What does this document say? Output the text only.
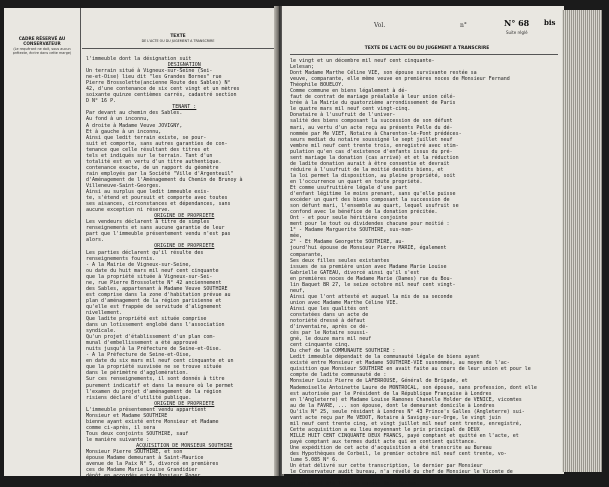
CADRE RÉSERVÉ AU CONSERVATEUR
(Le requérant ne doit, sous aucun prétexte, écrire dans cette marge)
TEXTE
DE L'ACTE OU DU JUGEMENT A TRANSCRIRE
l'immeuble dont la désignation suit
DESIGNATION
Un terrain situé à Vigneux-sur-Seine (Sei-
ne-et-Oise) lieu dit "les Grandes Bornes" rue
Pierre Brossolette(ancienne Route des Sables) N°
42, d'une contenance de six cent vingt et un mètres
soixante quinze centièmes carrés, cadastré section
D N° 16 P.
TENANT :
Par devant au chemin des Sables.
Au fond à un inconnu,
A droite à Madame Veuve JOVIGNY,
Et à gauche à un inconnu,
Ainsi que ledit terrain existe, se pour-
suit et comporte, sans autres garanties de con-
tenance que celle résultant des titres et
tels et indiqués sur le terrain. Tant d'un
totalité est en vertu d'un titre authentique.
contenance exacte, de un rapport du géomètre
rain employés par la Société "Ville d'Argenteuil"
d'Aménagement de l'Aménagement du Chemin de Brunoy à
Villeneuve-Saint-Georges.
Ainsi au surplus que ledit immeuble exis-
te, s'étend et poursuit et comporte avec toutes
ses aisances, circonstances et dépendances, sans
aucune exception ni réserve.
ORIGINE DE PROPRIETE
Les vendeurs déclarent à titre de simples
renseignements et sans aucune garantie de leur
part que l'immeuble présentement vendu n'est pas
alors.
ORIGINE DE PROPRIETE
Les parties déclarent qu'il résulte des
renseignements fournis.
- A la Mairie de Vigneux-sur-Seine,
ou date du huit mars mil neuf cent cinquante
que la propriété située à Vigneux-sur-Sei-
ne, rue Pierre Brossolette N° 42 anciennement
des Sables, appartenant à Madame Veuve SOUTHIRE
est comprise dans la zone d'habitation prévue au
plan d'aménagement de la région parisienne et
qu'elle est frappée de servitude d'alignement
nivellement.
Que ladite propriété est située comprise
dans un lotissement englobé dans l'association
syndicale.
Qu'un projet d'établissement d'un plan com-
munal d'embellissement a été approuvé
nuits jusqu'à la Préfecture de Seine-et-Oise.
- A la Préfecture de Seine-et-Oise,
en date du six mars mil neuf cent cinquante et un
que la propriété susvisée ne se trouve située
dans le périmètre d'agglomération.
Sur ces renseignements, il sont donnés à titre
purement indicatif et dans la mesure où le permet
l'examen du projet d'aménagement de la région
risiens déclaré d'utilité publique.
ORIGINE DE PROPRIETE
L'immeuble présentement vendu appartient
Monsieur et Madame SOUTHIRE
bienne ayant existé entre Monsieur et Madame
comme ci-après, il sera
Tous deux conjoints SOUTHIRE, sauf
le manière suivante :
ACQUISITION DE MONSIEUR SOUTHIRE
Monsieur Pierre SOUTHIRE, et son
épouse Madame demeurant à Saint-Maurice
avenue de la Paix N° 5, divorcé en premières
ces de Madame Marie Louise Grandidier
dépôt en accordés entre Monsieur Roger
de GRANDIDIER, en son domicile sus-indiqué
Vol.	n°	N° 68 bis
Suite réglé
TEXTE DE L'ACTE OU DU JUGEMENT A TRANSCRIRE
le vingt et un décembre mil neuf cent cinquante-
Lelesan;
Dont Madame Marthe Céline VIE, son épouse survivante restée sa
veuve, comparante, elle même veuve en premières noces de Monsieur Fernand
Théophile BOUELOY.
Comme commune en biens légalement à dé-
faut de contrat de mariage préalable à leur union célé-
brée à la Mairie du quatorzième arrondissement de Paris
le quatre mars mil neuf cent vingt-cinq.
Donataire à l'usufruit de l'univer-
salité des biens composant la succession de son défunt
mari, au vertu d'un acte reçu au présents Pelle du dé-
nommée par Me VIET, Notaire à Charenton-le-Pont prédéces-
seurs mediat du notaire soussigné le sept juillet neuf
vembre mil neuf cent trente trois, enregistré avec stim-
pulation qu'en cas d'existence d'enfants issus du pré-
sent mariage la donation (cas arrivé) et et la réduction
de ladite donation aurait à être consentie et devrait
réduire à l'usufruit de la moitié desdits biens, et
la loi permet la disposition, au pleine propriété, soit
en l'occurrence un quart en toute propriété.
Et comme usufruitière légale d'une part
d'enfant légitime le moins prenant, sans qu'elle puisse
excéder un quart des biens composant la succession de
son défunt mari, l'ensemble au quart, lequel usufruit se
confond avec le bénéfice de la donation précitée.
Ont - et pour seule héritière conjointe
ment pour le tout ou dividendes chacune pour moitié :
1° - Madame Marguerite SOUTHIRE, sus-nom-
mée,
2° - Et Madame Georgette SOUTHIRE, au-
jourd'hui épouse de Monsieur Pierre MARIE, également
comparante,
Ses deux filles seules existantes
issues de sa première union avec Madame Marie Louise
Gabrielle GATEAU, divorcé ainsi qu'il s'est
en premières noces de Madame Marie (Dames) rue du Bou-
lin Baquet BR 27, le seize octobre mil neuf cent vingt-
neuf,
Ainsi que l'ont attesté et auquel la mis de sa seconde
union avec Madame Marthe Céline VIE.
Ainsi que les qualités ont
constatées dans un acte de
notoriété dressé à défaut
d'inventaire, après ce dé-
cès par le Notaire soussi-
gné, le douze mars mil neuf
cent cinquante cinq.
Du chef de la COMMUNAUTE SOUTHIRE :
Ledit immeuble dépendait de la communauté légale de biens ayant
existé entre Monsieur et Madame SOUTHIRE-VIE susnommés, au moyen de l'ac-
quisition que Monsieur SOUTHIRE en avait faite au cours de leur union et pour le
compte de ladite communauté de :
Monsieur Louis Pierre de LAFERROUSE, Général de Brigade, et
Mademoiselle Antoinette Laure de MONTROCAL, son épouse, sans profession, dont elle
est autorisée par le Président de la République Française à Londres
en l'Angleterre) et Madame Louise Ramones Chanelle Holder de VENICE, vicomtes
au de la FAVRE, ... son épouse, dont le demeurant domicile à Londres
Qu'ils N° 25, seule résidant à Londres N° 43 Prince's Galles (Angleterre) sui-
vant acte reçu par Me VEDOT, Notaire à Savigny-sur-Orge, le vingt juin
mil neuf cent trente cinq, et vingt juillet mil neuf cent trente, enregistré,
Cette acquisition a eu lieu moyennant le prix principal de DEUX
MILLE HUIT CENT CINQUANTE DEUX FRANCS, payé comptant et quitté en l'acte, et
payé comptant aux termes dudit acte qui en contient quittance.
Une expédition de cet acte d'acquisition a été transcrite au Bureau
des Hypothèques de Corbeil, le premier octobre mil neuf cent trente, vo-
lume 5.085 N° 6.
Un état délivré sur cette transcription, le dernier par Monsieur
le Conservateur audit bureau, n'a révélé du chef de Monsieur le Vicomte de
la FAROUSE vendeur, et de ses précédents propriétaires aucunes inscri-
ption aussi été limitée aucune inscription.
